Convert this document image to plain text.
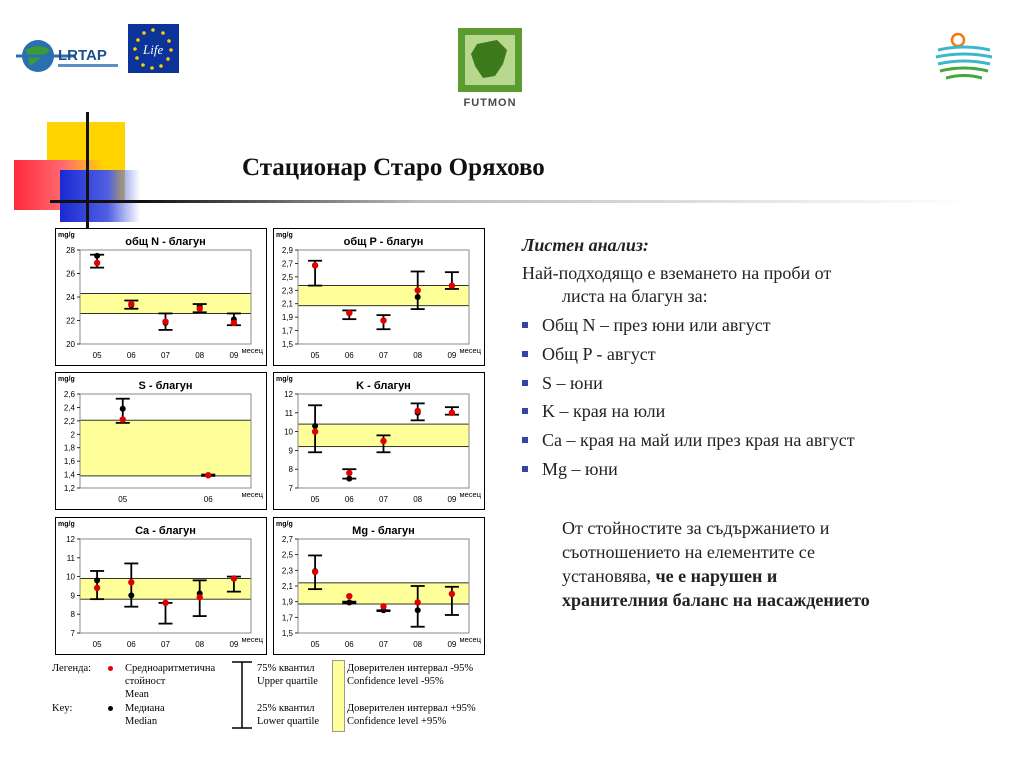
LRTAP	Life
FUTMON
Стационар Старо Оряхово
mg/g
общ N - благун
20
22
24
26
28
05	06	07	08	09
месец
mg/g
общ P - благун
1,5
1,7
1,9
2,1
2,3
2,5
2,7
2,9
05	06	07	08	09
месец
mg/g
S - благун
1,2
1,4
1,6
1,8
2
2,2
2,4
2,6
05	06
месец
mg/g
K - благун
7
8
9
10
11
12
05	06	07	08	09
месец
mg/g
Ca - благун
7
8
9
10
11
12
05	06	07	08	09
месец
mg/g
Mg - благун
1,5
1,7
1,9
2,1
2,3
2,5
2,7
05	06	07	08	09
месец
Легенда:
Key:
Средноаритметична
стойност
Mean
Медиана
Median
75% квантил
Upper quartile
25% квантил
Lower quartile
Доверителен интервал -95%
Confidence level -95%
Доверителен интервал +95%
Confidence level +95%
Листен анализ:
Най-подходящо е вземането на проби от
листа на благун за:
Общ N – през юни или август
Общ P - август
S – юни
K – края на юли
Ca – края на май или през края на август
Mg – юни
От стойностите за съдържанието и
съотношението на елементите се
установява, че е нарушен и
хранителния баланс на насаждението
